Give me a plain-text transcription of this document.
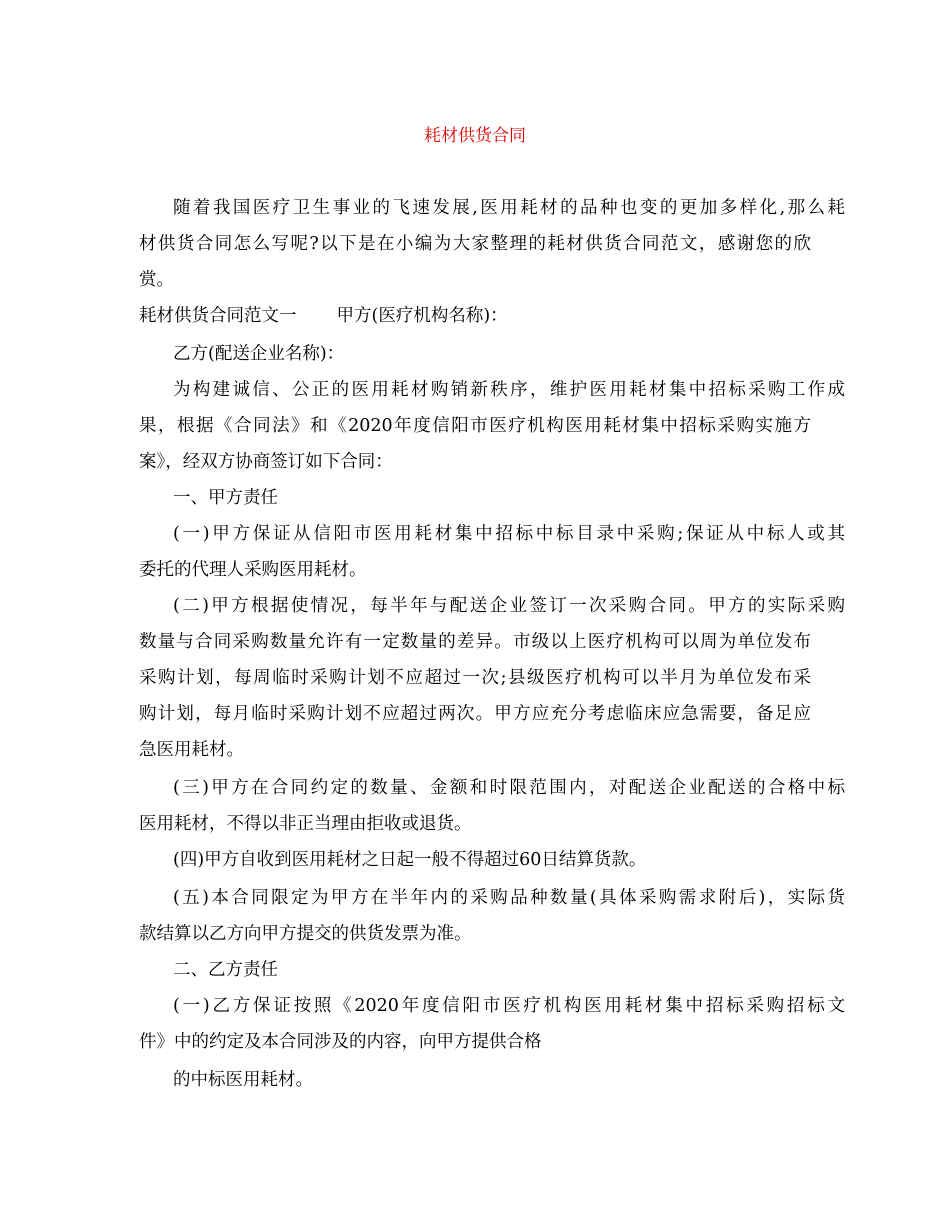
耗材供货合同
随着我国医疗卫生事业的飞速发展,医用耗材的品种也变的更加多样化,那么耗
材供货合同怎么写呢?以下是在小编为大家整理的耗材供货合同范文，感谢您的欣
赏。
耗材供货合同范文一 甲方(医疗机构名称)：
乙方(配送企业名称)：
为构建诚信、公正的医用耗材购销新秩序，维护医用耗材集中招标采购工作成
果，根据《合同法》和《2020年度信阳市医疗机构医用耗材集中招标采购实施方
案》，经双方协商签订如下合同：
一、甲方责任
(一)甲方保证从信阳市医用耗材集中招标中标目录中采购;保证从中标人或其
委托的代理人采购医用耗材。
(二)甲方根据使情况，每半年与配送企业签订一次采购合同。甲方的实际采购
数量与合同采购数量允许有一定数量的差异。市级以上医疗机构可以周为单位发布
采购计划，每周临时采购计划不应超过一次;县级医疗机构可以半月为单位发布采
购计划，每月临时采购计划不应超过两次。甲方应充分考虑临床应急需要，备足应
急医用耗材。
(三)甲方在合同约定的数量、金额和时限范围内，对配送企业配送的合格中标
医用耗材，不得以非正当理由拒收或退货。
(四)甲方自收到医用耗材之日起一般不得超过60日结算货款。
(五)本合同限定为甲方在半年内的采购品种数量(具体采购需求附后)，实际货
款结算以乙方向甲方提交的供货发票为准。
二、乙方责任
(一)乙方保证按照《2020年度信阳市医疗机构医用耗材集中招标采购招标文
件》中的约定及本合同涉及的内容，向甲方提供合格
的中标医用耗材。
